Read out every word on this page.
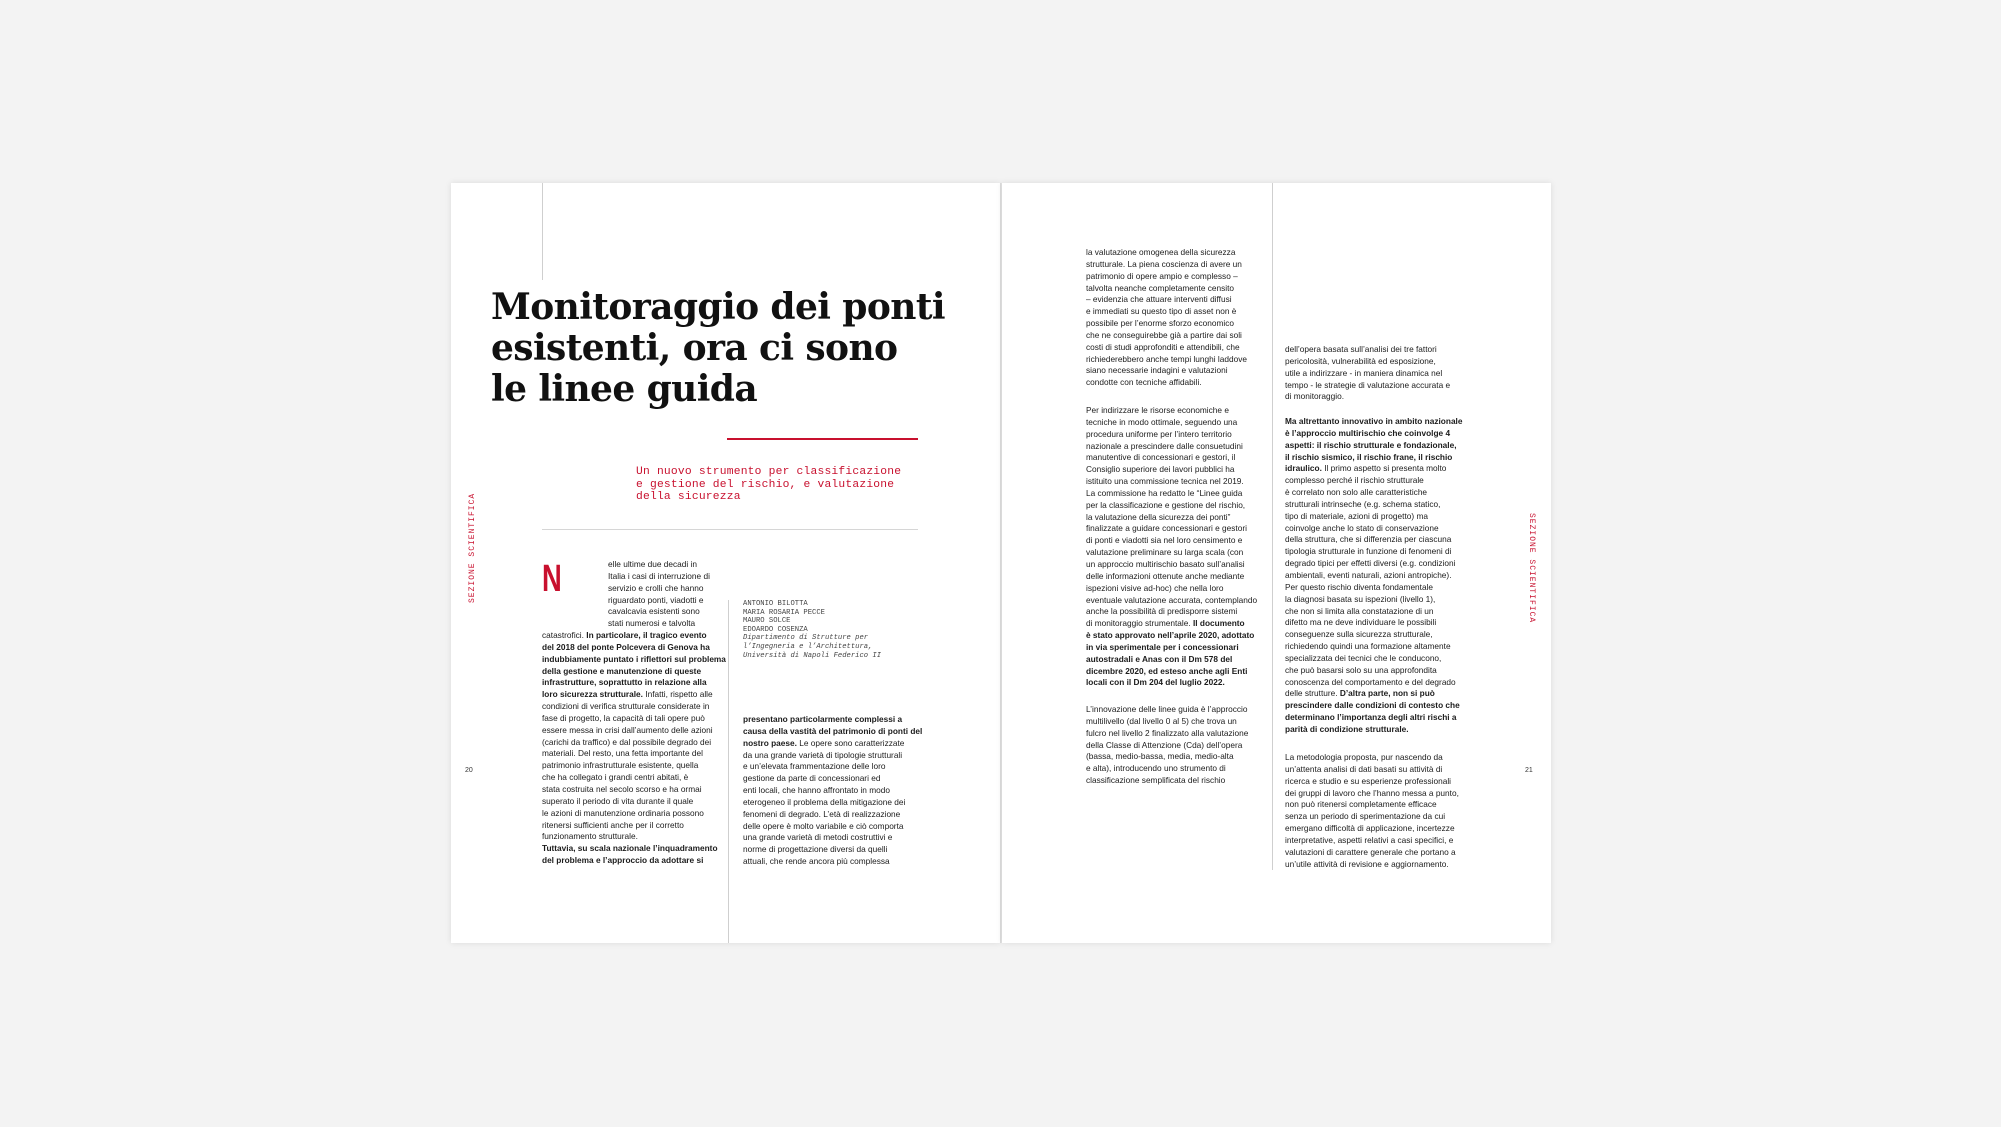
Monitoraggio dei ponti
esistenti, ora ci sono
le linee guida
Un nuovo strumento per classificazione
e gestione del rischio, e valutazione
della sicurezza
SEZIONE SCIENTIFICA N	elle ultime due decadi in
Italia i casi di interruzione di
servizio e crolli che hanno
riguardato ponti, viadotti e
cavalcavia esistenti sono
stati numerosi e talvolta
catastrofici. In particolare, il tragico evento
del 2018 del ponte Polcevera di Genova ha
indubbiamente puntato i riflettori sul problema
della gestione e manutenzione di queste
infrastrutture, soprattutto in relazione alla
loro sicurezza strutturale. Infatti, rispetto alle
condizioni di verifica strutturale considerate in
fase di progetto, la capacità di tali opere può
essere messa in crisi dall’aumento delle azioni
(carichi da traffico) e dal possibile degrado dei
materiali. Del resto, una fetta importante del
patrimonio infrastrutturale esistente, quella
che ha collegato i grandi centri abitati, è
stata costruita nel secolo scorso e ha ormai
superato il periodo di vita durante il quale
le azioni di manutenzione ordinaria possono
ritenersi sufficienti anche per il corretto
funzionamento strutturale.
Tuttavia, su scala nazionale l’inquadramento
del problema e l’approccio da adottare si
ANTONIO BILOTTA
MARIA ROSARIA PECCE
MAURO SOLCE
EDOARDO COSENZA
Dipartimento di Strutture per
l’Ingegneria e l’Architettura,
Università di Napoli Federico II
presentano particolarmente complessi a
causa della vastità del patrimonio di ponti del
nostro paese. Le opere sono caratterizzate
da una grande varietà di tipologie strutturali
e un’elevata frammentazione delle loro
gestione da parte di concessionari ed
enti locali, che hanno affrontato in modo
eterogeneo il problema della mitigazione dei
fenomeni di degrado. L’età di realizzazione
delle opere è molto variabile e ciò comporta
una grande varietà di metodi costruttivi e
norme di progettazione diversi da quelli
attuali, che rende ancora più complessa
20
la valutazione omogenea della sicurezza
strutturale. La piena coscienza di avere un
patrimonio di opere ampio e complesso –
talvolta neanche completamente censito
– evidenzia che attuare interventi diffusi
e immediati su questo tipo di asset non è
possibile per l’enorme sforzo economico
che ne conseguirebbe già a partire dai soli
costi di studi approfonditi e attendibili, che
richiederebbero anche tempi lunghi laddove
siano necessarie indagini e valutazioni
condotte con tecniche affidabili.
Per indirizzare le risorse economiche e
tecniche in modo ottimale, seguendo una
procedura uniforme per l’intero territorio
nazionale a prescindere dalle consuetudini
manutentive di concessionari e gestori, il
Consiglio superiore dei lavori pubblici ha
istituito una commissione tecnica nel 2019.
La commissione ha redatto le “Linee guida
per la classificazione e gestione del rischio,
la valutazione della sicurezza dei ponti”
finalizzate a guidare concessionari e gestori
di ponti e viadotti sia nel loro censimento e
valutazione preliminare su larga scala (con
un approccio multirischio basato sull’analisi
delle informazioni ottenute anche mediante
ispezioni visive ad-hoc) che nella loro
eventuale valutazione accurata, contemplando
anche la possibilità di predisporre sistemi
di monitoraggio strumentale. Il documento
è stato approvato nell’aprile 2020, adottato
in via sperimentale per i concessionari
autostradali e Anas con il Dm 578 del
dicembre 2020, ed esteso anche agli Enti
locali con il Dm 204 del luglio 2022.
L’innovazione delle linee guida è l’approccio
multilivello (dal livello 0 al 5) che trova un
fulcro nel livello 2 finalizzato alla valutazione
della Classe di Attenzione (Cda) dell’opera
(bassa, medio-bassa, media, medio-alta
e alta), introducendo uno strumento di
classificazione semplificata del rischio
dell’opera basata sull’analisi dei tre fattori
pericolosità, vulnerabilità ed esposizione,
utile a indirizzare - in maniera dinamica nel
tempo - le strategie di valutazione accurata e
di monitoraggio.
Ma altrettanto innovativo in ambito nazionale
è l’approccio multirischio che coinvolge 4
aspetti: il rischio strutturale e fondazionale,
il rischio sismico, il rischio frane, il rischio
idraulico. Il primo aspetto si presenta molto
complesso perché il rischio strutturale
è correlato non solo alle caratteristiche
strutturali intrinseche (e.g. schema statico,
tipo di materiale, azioni di progetto) ma
coinvolge anche lo stato di conservazione
della struttura, che si differenzia per ciascuna
tipologia strutturale in funzione di fenomeni di
degrado tipici per effetti diversi (e.g. condizioni
ambientali, eventi naturali, azioni antropiche).
Per questo rischio diventa fondamentale
la diagnosi basata su ispezioni (livello 1),
che non si limita alla constatazione di un
difetto ma ne deve individuare le possibili
conseguenze sulla sicurezza strutturale,
richiedendo quindi una formazione altamente
specializzata dei tecnici che le conducono,
che può basarsi solo su una approfondita
conoscenza del comportamento e del degrado
delle strutture. D’altra parte, non si può
prescindere dalle condizioni di contesto che
determinano l’importanza degli altri rischi a
parità di condizione strutturale.
La metodologia proposta, pur nascendo da
un’attenta analisi di dati basati su attività di
ricerca e studio e su esperienze professionali
dei gruppi di lavoro che l’hanno messa a punto,
non può ritenersi completamente efficace
senza un periodo di sperimentazione da cui
emergano difficoltà di applicazione, incertezze
interpretative, aspetti relativi a casi specifici, e
valutazioni di carattere generale che portano a
un’utile attività di revisione e aggiornamento.
SEZIONE SCIENTIFICA
21
